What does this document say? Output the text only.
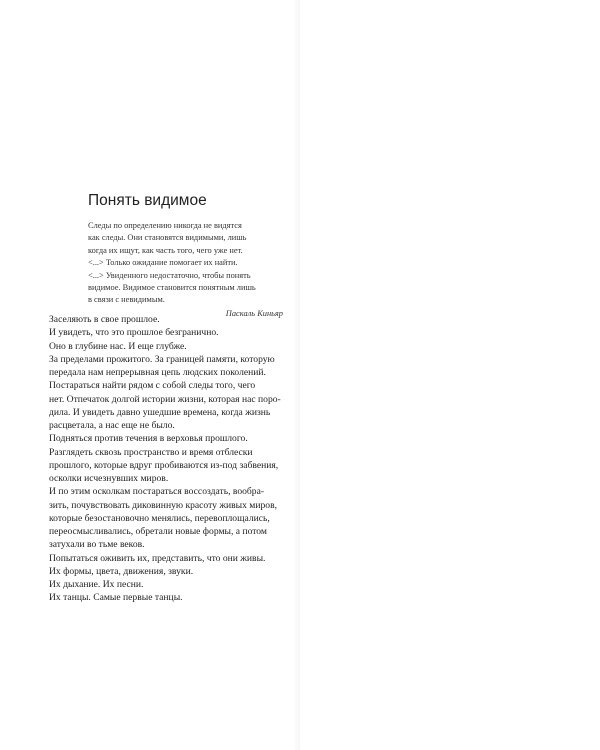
Понять видимое

Следы по определению никогда не видятся

как следы. Они становятся видимыми, лишь

когда их ищут, как часть того, чего уже нет.

<...> Только ожидание помогает их найти.

<...> Увиденного недостаточно, чтобы понять

видимое. Видимое становится понятным лишь

в связи с невидимым.

Паскаль Киньяр

Заселяють в свое прошлое.

И увидеть, что это прошлое безгранично.

Оно в глубине нас. И еще глубже.

За пределами прожитого. За границей памяти, которую

передала нам непрерывная цепь людских поколений.

Постараться найти рядом с собой следы того, чего

нет. Отпечаток долгой истории жизни, которая нас поро-

дила. И увидеть давно ушедшие времена, когда жизнь

расцветала, а нас еще не было.

Подняться против течения в верховья прошлого.

Разглядеть сквозь пространство и время отблески

прошлого, которые вдруг пробиваются из-под забвения,

осколки исчезнувших миров.

И по этим осколкам постараться воссоздать, вообра-

зить, почувствовать диковинную красоту живых миров,

которые безостановочно менялись, перевоплощались,

переосмысливались, обретали новые формы, а потом

затухали во тьме веков.

Попытаться оживить их, представить, что они живы.

Их формы, цвета, движения, звуки.

Их дыхание. Их песни.

Их танцы. Самые первые танцы.
